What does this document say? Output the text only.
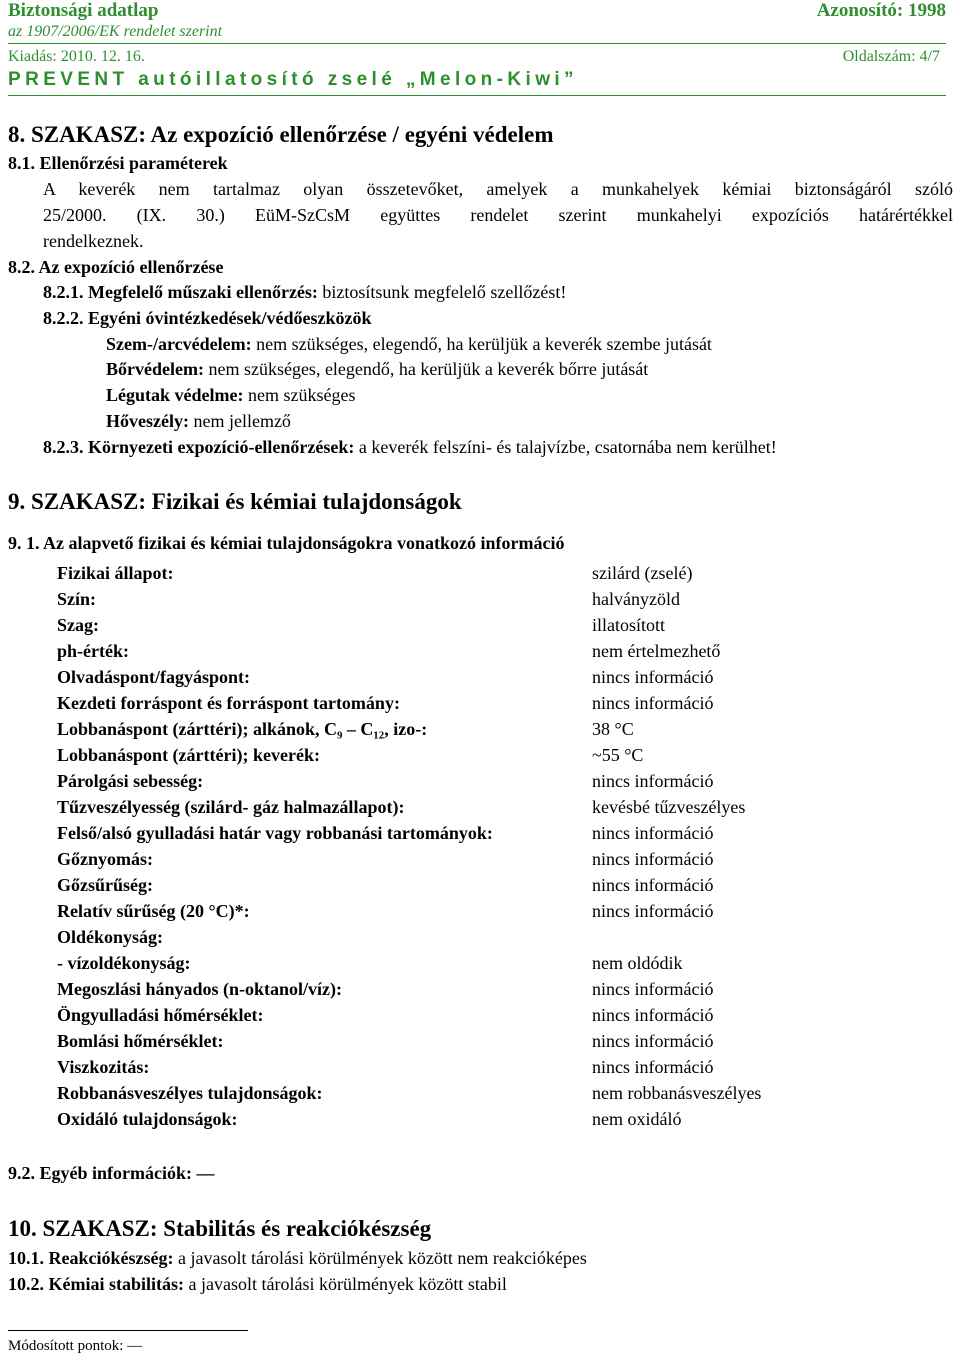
Biztonsági adatlap	Azonosító: 1998
az 1907/2006/EK rendelet szerint
Kiadás: 2010. 12. 16.	Oldalszám: 4/7
PREVENT autóillatosító zselé „Melon-Kiwi”
8. SZAKASZ: Az expozíció ellenőrzése / egyéni védelem
8.1. Ellenőrzési paraméterek
A keverék nem tartalmaz olyan összetevőket, amelyek a munkahelyek kémiai biztonságáról szóló
25/2000. (IX. 30.) EüM-SzCsM együttes rendelet szerint munkahelyi expozíciós határértékkel
rendelkeznek.
8.2. Az expozíció ellenőrzése
8.2.1. Megfelelő műszaki ellenőrzés: biztosítsunk megfelelő szellőzést!
8.2.2. Egyéni óvintézkedések/védőeszközök
Szem-/arcvédelem: nem szükséges, elegendő, ha kerüljük a keverék szembe jutását
Bőrvédelem: nem szükséges, elegendő, ha kerüljük a keverék bőrre jutását
Légutak védelme: nem szükséges
Hőveszély: nem jellemző
8.2.3. Környezeti expozíció-ellenőrzések: a keverék felszíni- és talajvízbe, csatornába nem kerülhet!
9. SZAKASZ: Fizikai és kémiai tulajdonságok
9. 1. Az alapvető fizikai és kémiai tulajdonságokra vonatkozó információ
Fizikai állapot:	szilárd (zselé)
Szín:	halványzöld
Szag:	illatosított
ph-érték:	nem értelmezhető
Olvadáspont/fagyáspont:	nincs információ
Kezdeti forráspont és forráspont tartomány:	nincs információ
Lobbanáspont (zárttéri); alkánok, C₉ – C₁₂, izo-:	38 °C
Lobbanáspont (zárttéri); keverék:	~55 °C
Párolgási sebesség:	nincs információ
Tűzveszélyesség (szilárd- gáz halmazállapot):	kevésbé tűzveszélyes
Felső/alsó gyulladási határ vagy robbanási tartományok:	nincs információ
Gőznyomás:	nincs információ
Gőzsűrűség:	nincs információ
Relatív sűrűség (20 °C)*:	nincs információ
Oldékonyság:
- vízoldékonyság:	nem oldódik
Megoszlási hányados (n-oktanol/víz):	nincs információ
Öngyulladási hőmérséklet:	nincs információ
Bomlási hőmérséklet:	nincs információ
Viszkozitás:	nincs információ
Robbanásveszélyes tulajdonságok:	nem robbanásveszélyes
Oxidáló tulajdonságok:	nem oxidáló
9.2. Egyéb információk: —
10. SZAKASZ: Stabilitás és reakciókészség
10.1. Reakciókészség: a javasolt tárolási körülmények között nem reakcióképes
10.2. Kémiai stabilitás: a javasolt tárolási körülmények között stabil
Módosított pontok: —
